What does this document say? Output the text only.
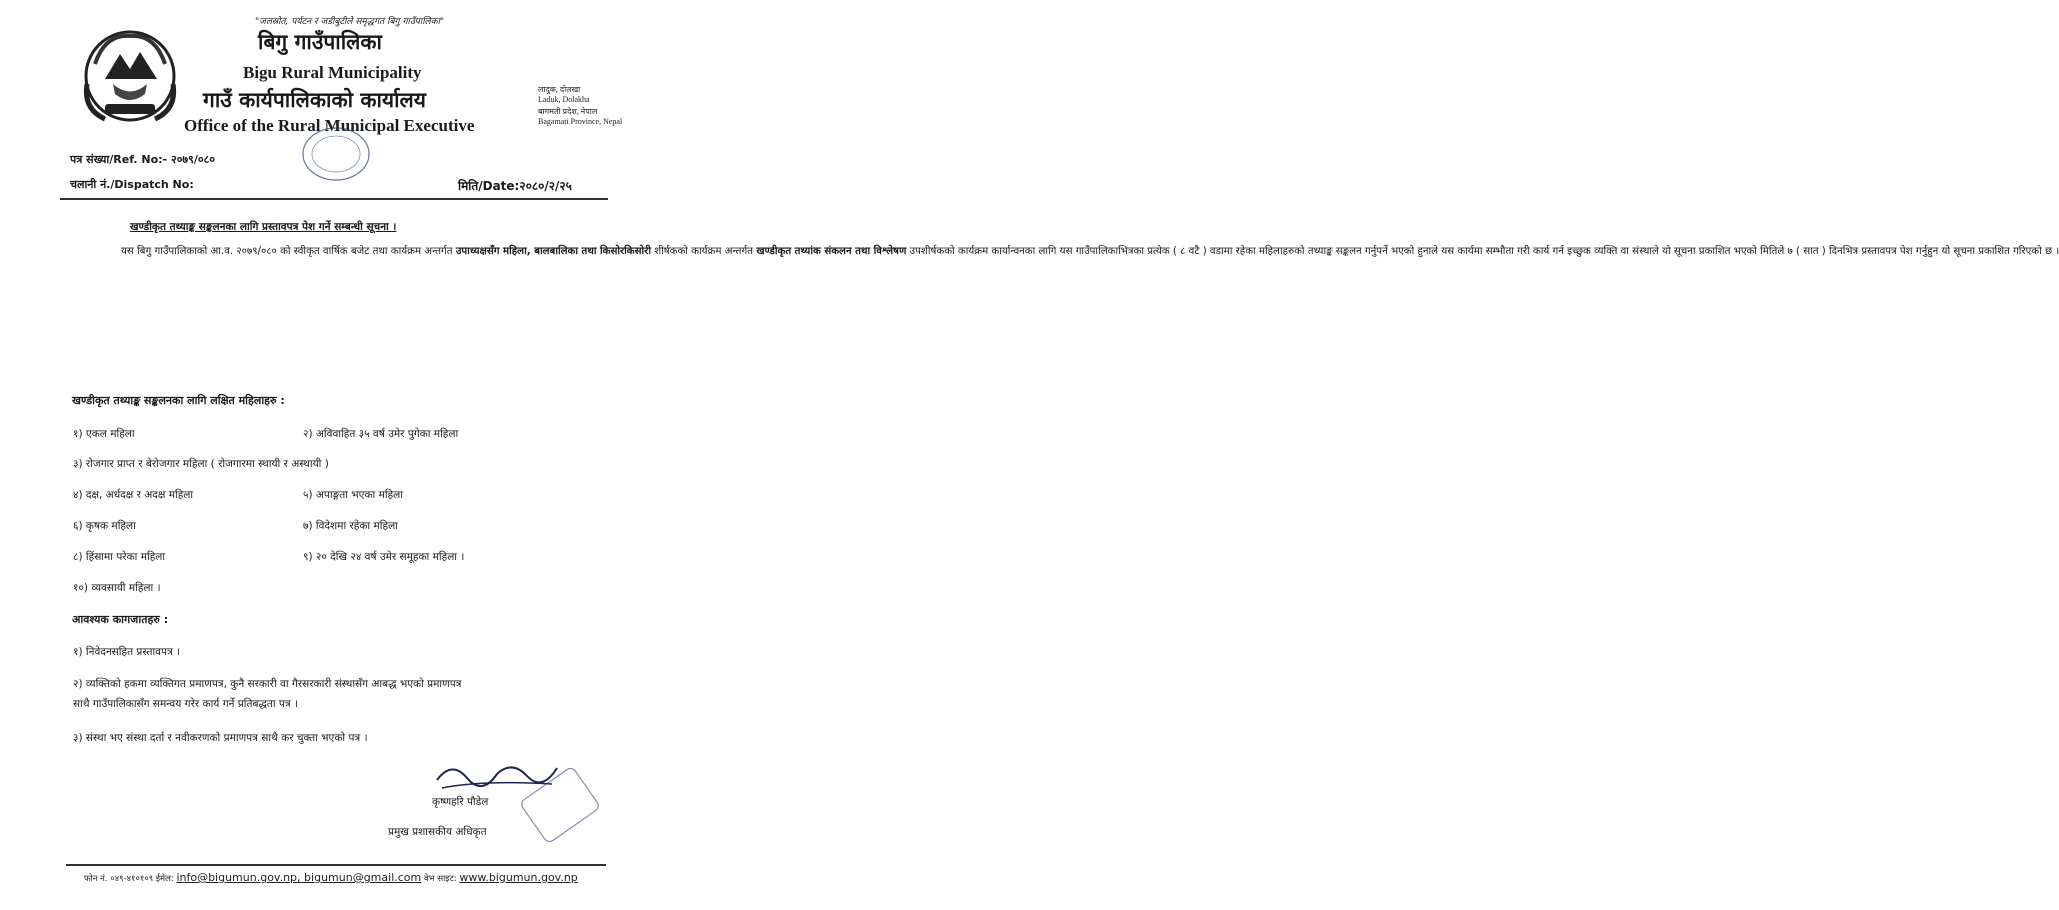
"जलस्रोत, पर्यटन र जडीबुटीले समृद्धगत बिगु गाउँपालिका"
बिगु गाउँपालिका
Bigu Rural Municipality
गाउँ कार्यपालिकाको कार्यालय
Office of the Rural Municipal Executive
लादुक, दोलखा
Laduk, Dolakha
बागमती प्रदेश, नेपाल
Bagamati Province, Nepal
पत्र संख्या/Ref. No:- २०७९/०८०
चलानी नं./Dispatch No:	मिति/Date:२०८०/२/२५
खण्डीकृत तथ्याङ्क सङ्कलनका लागि प्रस्तावपत्र पेश गर्ने सम्बन्धी सूचना ।

यस बिगु गाउँपालिकाको आ.व. २०७९/०८० को स्वीकृत वार्षिक बजेट तथा कार्यक्रम अन्तर्गत उपाध्यक्षसँग महिला, बालबालिका तथा किसोरकिसोरी शीर्षकको कार्यक्रम अन्तर्गत खण्डीकृत तथ्यांक संकलन तथा विश्लेषण उपशीर्षकको कार्यक्रम कार्यान्वनका लागि यस गाउँपालिकाभित्रका प्रत्येक ( ८ वटै ) वडामा रहेका महिलाहरुको तथ्याङ्क सङ्कलन गर्नुपर्ने भएको हुनाले यस कार्यमा सम्भौता गरी कार्य गर्न इच्छुक व्यक्ति वा संस्थाले यो सूचना प्रकाशित भएको मितिले ७ ( सात ) दिनभित्र प्रस्तावपत्र पेश गर्नुहुन यो सूचना प्रकाशित गरिएको छ ।

खण्डीकृत तथ्याङ्क सङ्कलनका लागि लक्षित महिलाहरु :
१) एकल महिला	२) अविवाहित ३५ वर्ष उमेर पुगेका महिला
३) रोजगार प्राप्त र बेरोजगार महिला ( रोजगारमा स्थायी र अस्थायी )
४) दक्ष, अर्धदक्ष र अदक्ष महिला	५) अपाङ्गता भएका महिला
६) कृषक महिला	७) विदेशमा रहेका महिला
८) हिंसामा परेका महिला	९) २० देखि २४ वर्ष उमेर समूहका महिला ।
१०) व्यवसायी महिला ।
आवश्यक कागजातहरु :
१) निवेदनसहित प्रस्तावपत्र ।
२) व्यक्तिको हकमा व्यक्तिगत प्रमाणपत्र, कुनै सरकारी वा गैरसरकारी संस्थासँग आबद्ध भएको प्रमाणपत्र
साथै गाउँपालिकासँग समन्वय गरेर कार्य गर्ने प्रतिबद्धता पत्र ।
३) संस्था भए संस्था दर्ता र नवीकरणको प्रमाणपत्र साथै कर चुक्ता भएको पत्र ।
कृष्णहरि पौडेल
प्रमुख प्रशासकीय अधिकृत
फोन नं. ०४९-४१०१०९ ईमेल: info@bigumun.gov.np, bigumun@gmail.com वेभ साइट: www.bigumun.gov.np
